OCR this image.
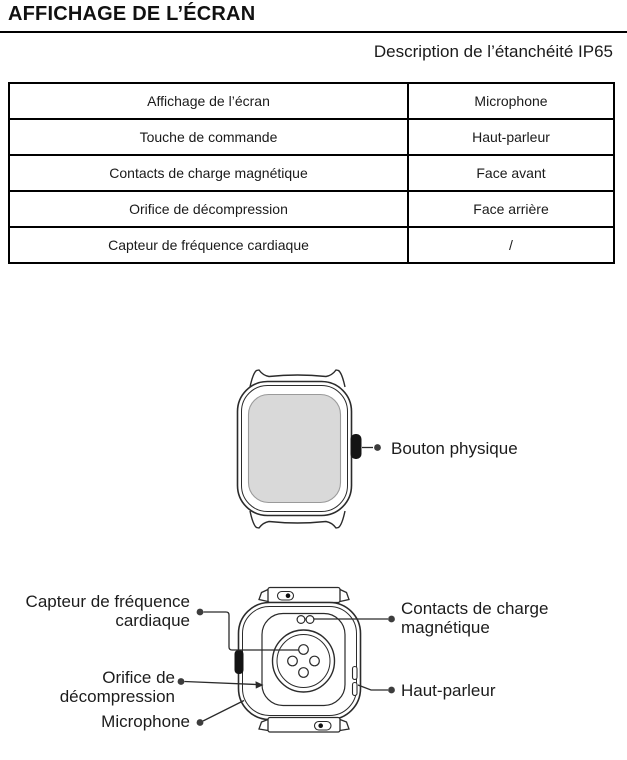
AFFICHAGE DE L’ÉCRAN
Description de l’étanchéité IP65
Affichage de l’écran	Microphone
Touche de commande	Haut-parleur
Contacts de charge magnétique	Face avant
Orifice de décompression	Face arrière
Capteur de fréquence cardiaque	/
Bouton physique
Capteur de fréquence
cardiaque
Orifice de
décompression
Microphone
Contacts de charge
magnétique
Haut-parleur
